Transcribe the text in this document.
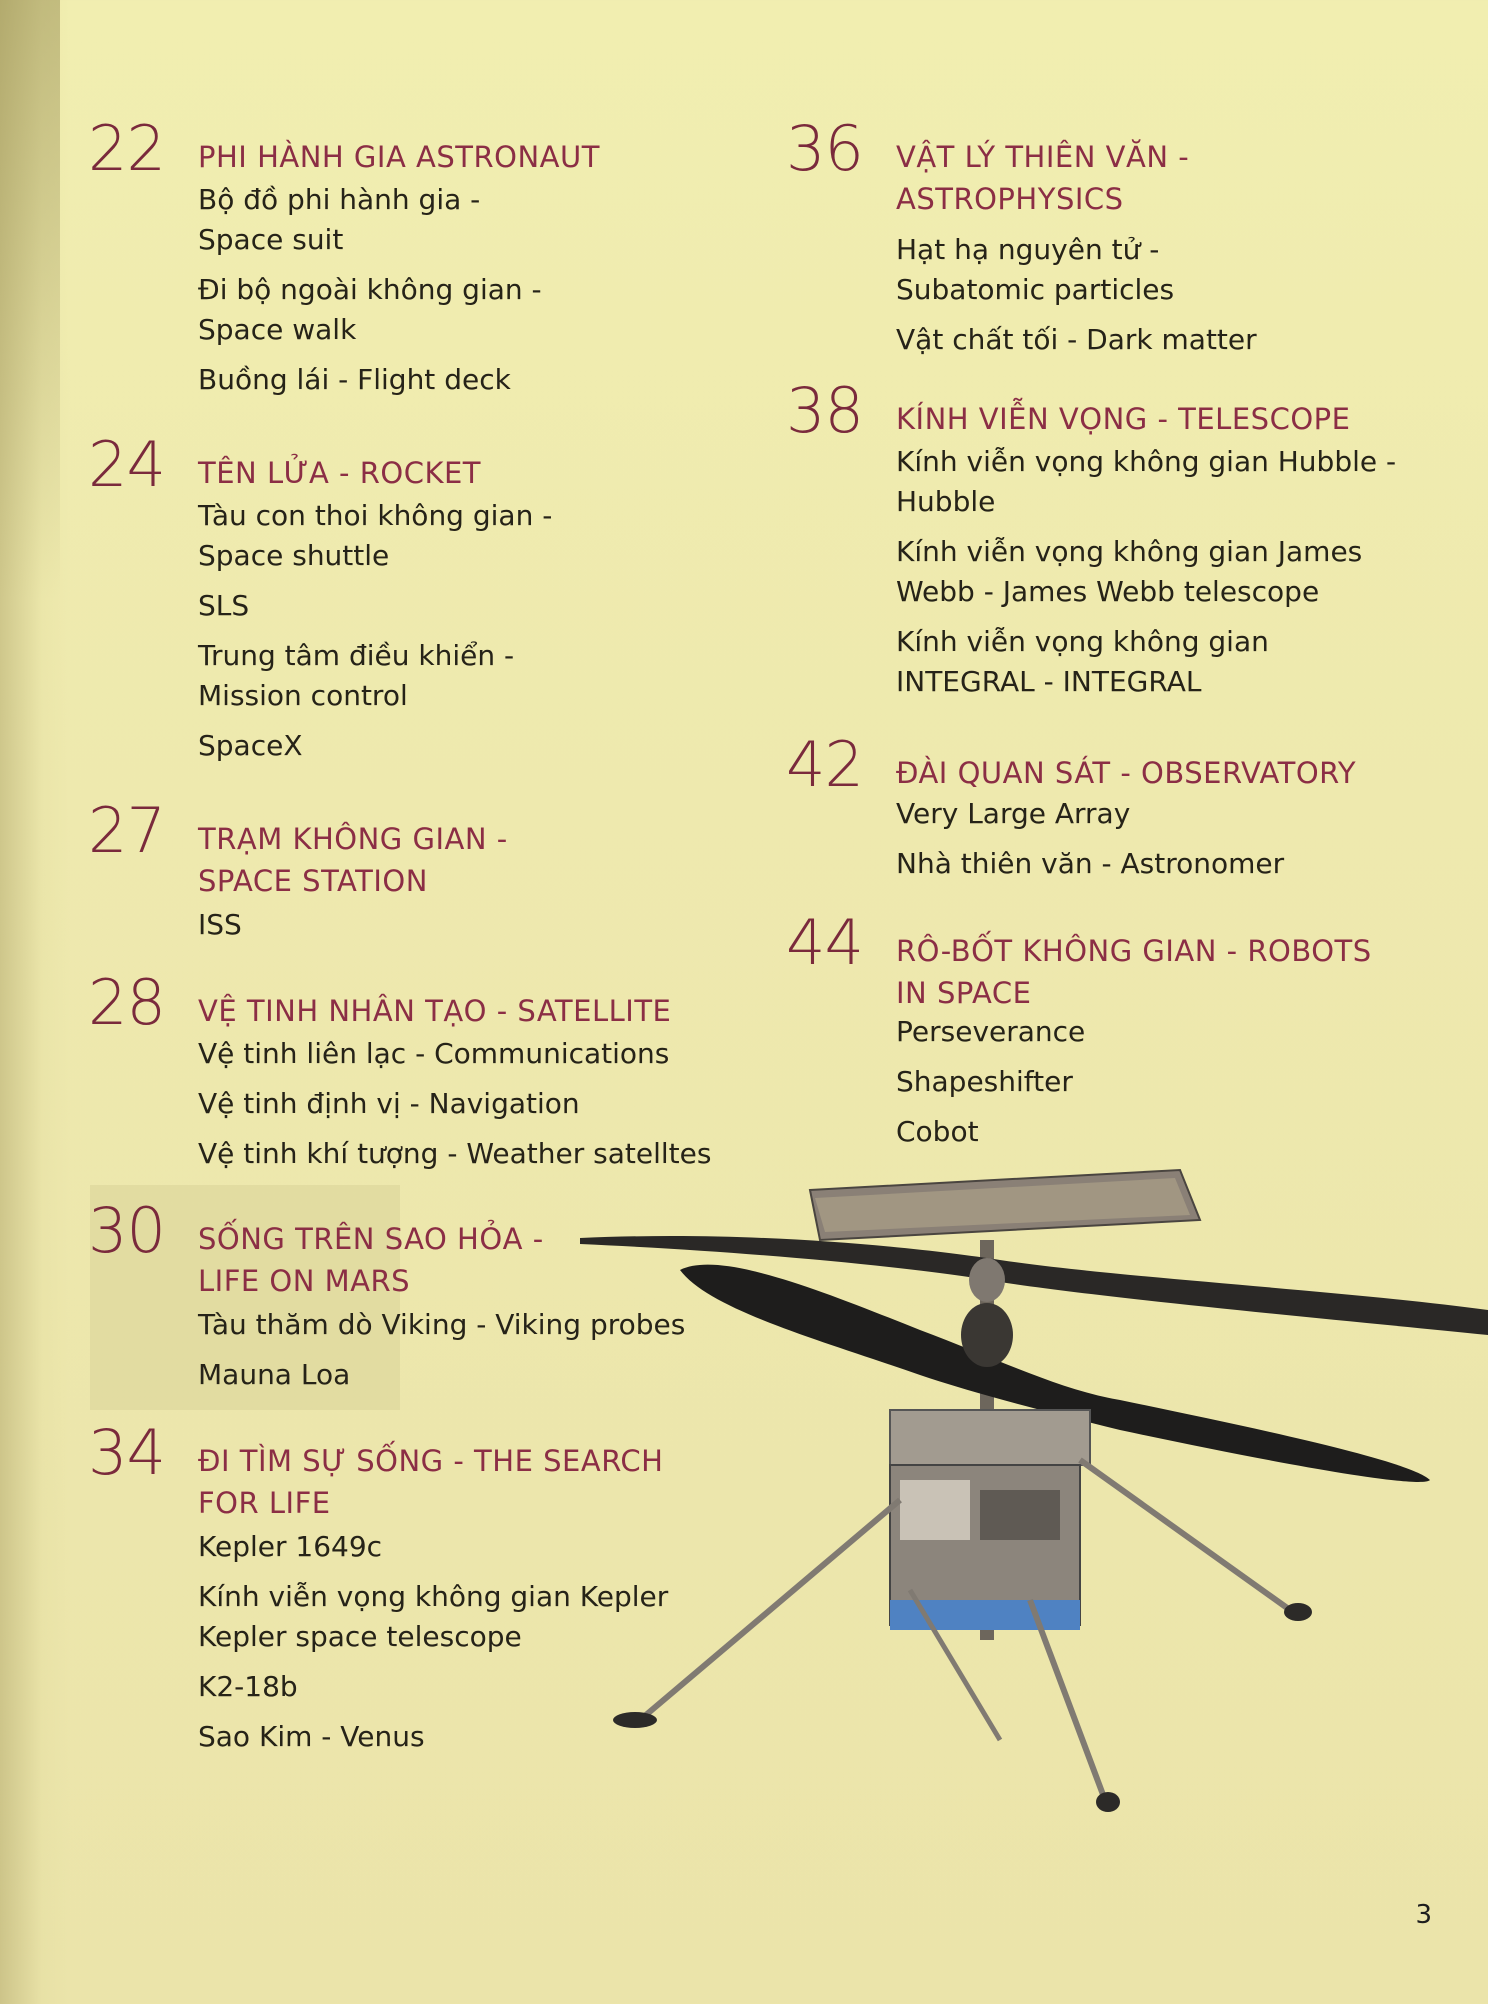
22 PHI HÀNH GIA ASTRONAUT
Bộ đồ phi hành gia -
Space suit
Đi bộ ngoài không gian -
Space walk
Buồng lái - Flight deck
24 TÊN LỬA - ROCKET
Tàu con thoi không gian -
Space shuttle
SLS
Trung tâm điều khiển -
Mission control
SpaceX
27 TRẠM KHÔNG GIAN -
SPACE STATION
ISS
28 VỆ TINH NHÂN TẠO - SATELLITE
Vệ tinh liên lạc - Communications
Vệ tinh định vị - Navigation
Vệ tinh khí tượng - Weather satelltes
30 SỐNG TRÊN SAO HỎA -
LIFE ON MARS
Tàu thăm dò Viking - Viking probes
Mauna Loa
34 ĐI TÌM SỰ SỐNG - THE SEARCH
FOR LIFE
Kepler 1649c
Kính viễn vọng không gian Kepler
Kepler space telescope
K2-18b
Sao Kim - Venus
36 VẬT LÝ THIÊN VĂN -
ASTROPHYSICS
Hạt hạ nguyên tử -
Subatomic particles
Vật chất tối - Dark matter
38 KÍNH VIỄN VỌNG - TELESCOPE
Kính viễn vọng không gian Hubble -
Hubble
Kính viễn vọng không gian James
Webb - James Webb telescope
Kính viễn vọng không gian
INTEGRAL - INTEGRAL
42 ĐÀI QUAN SÁT - OBSERVATORY
Very Large Array
Nhà thiên văn - Astronomer
44 RÔ-BỐT KHÔNG GIAN - ROBOTS
IN SPACE
Perseverance
Shapeshifter
Cobot
3
